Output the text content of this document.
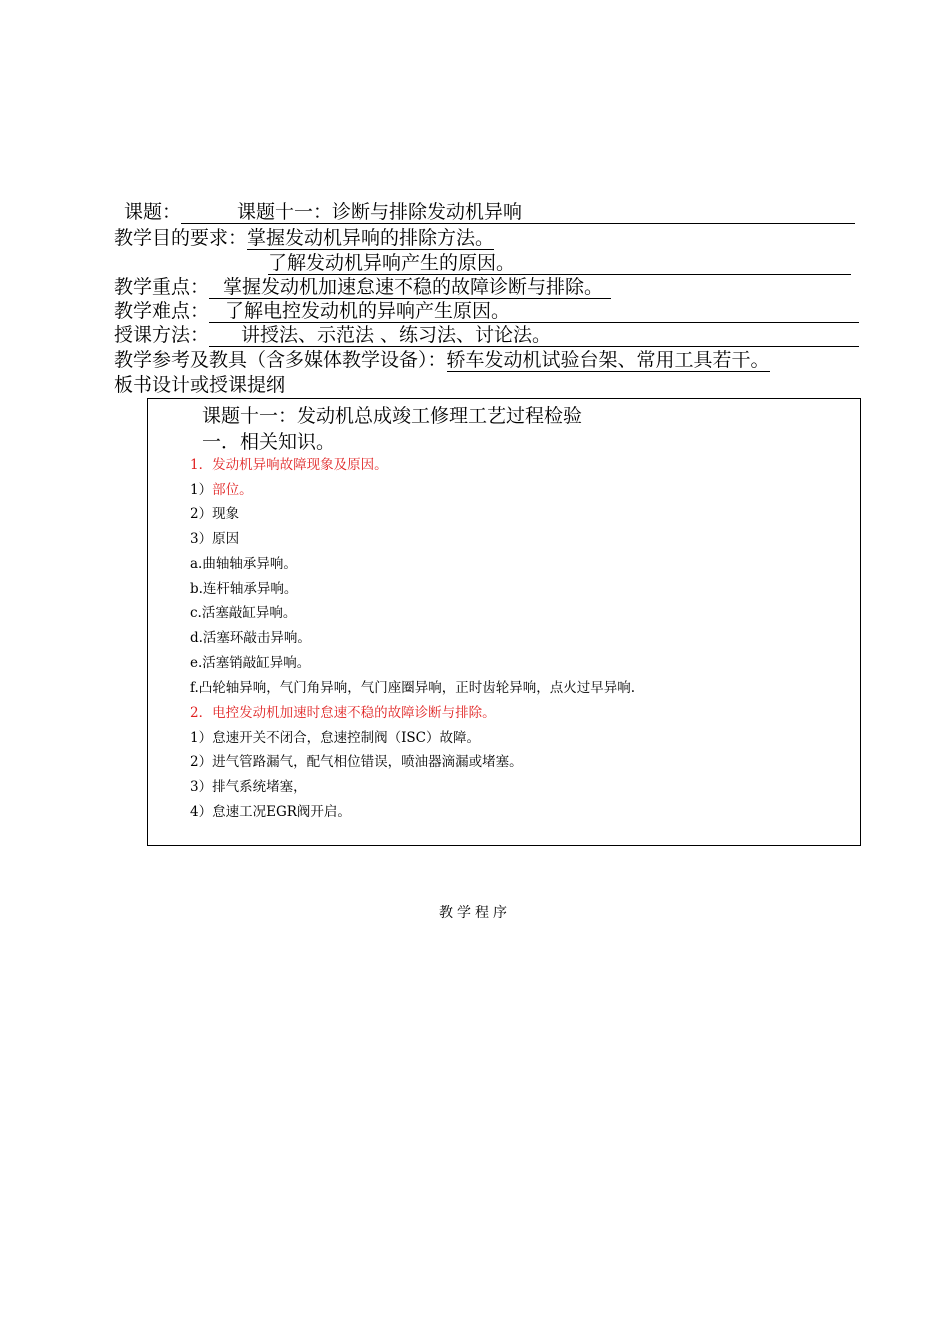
课题：	课题十一：诊断与排除发动机异响
教学目的要求：掌握发动机异响的排除方法。
了解发动机异响产生的原因。
教学重点： 掌握发动机加速怠速不稳的故障诊断与排除。
教学难点： 了解电控发动机的异响产生原因。
授课方法： 讲授法、示范法 、练习法、讨论法。
教学参考及教具（含多媒体教学设备）：轿车发动机试验台架、常用工具若干。
板书设计或授课提纲
课题十一：发动机总成竣工修理工艺过程检验
一．相关知识。
1．发动机异响故障现象及原因。
1）部位。
2）现象
3）原因
a.曲轴轴承异响。
b.连杆轴承异响。
c.活塞敲缸异响。
d.活塞环敲击异响。
e.活塞销敲缸异响。
f.凸轮轴异响，气门角异响，气门座圈异响，正时齿轮异响，点火过早异响.
2．电控发动机加速时怠速不稳的故障诊断与排除。
1）怠速开关不闭合，怠速控制阀（ISC）故障。
2）进气管路漏气，配气相位错误，喷油器滴漏或堵塞。
3）排气系统堵塞，
4）怠速工况EGR阀开启。
教学程序
